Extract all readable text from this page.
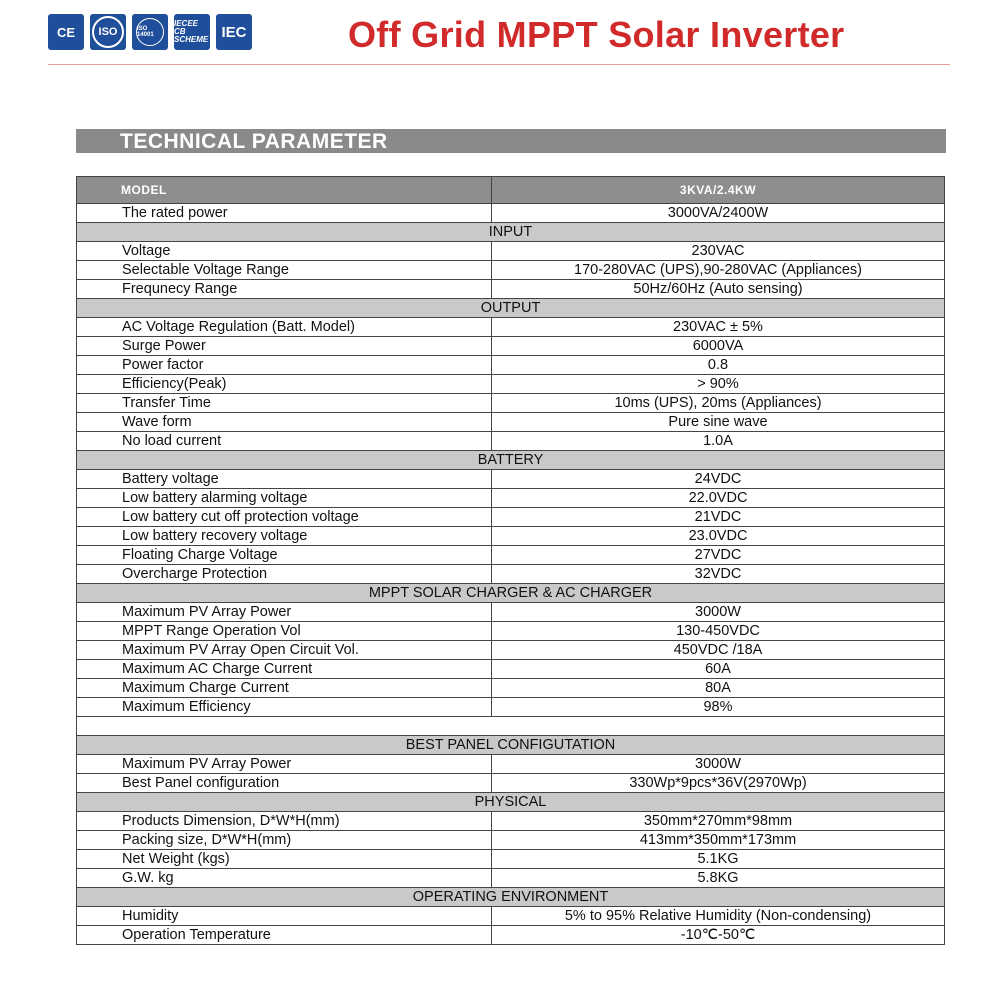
CE ISO	ISO 14001
IECEE CB SCHEME IEC	Off Grid MPPT Solar Inverter
TECHNICAL PARAMETER
MODEL	3KVA/2.4KW
The rated power	3000VA/2400W
INPUT	
Voltage	230VAC
Selectable Voltage Range	170-280VAC (UPS),90-280VAC (Appliances)
Frequnecy Range	50Hz/60Hz (Auto sensing)
OUTPUT	
AC Voltage Regulation (Batt. Model)	230VAC ± 5%
Surge Power	6000VA
Power factor	0.8
Efficiency(Peak)	> 90%
Transfer Time	10ms (UPS), 20ms (Appliances)
Wave form	Pure sine wave
No load current	1.0A
BATTERY	
Battery voltage	24VDC
Low battery alarming voltage	22.0VDC
Low battery cut off protection voltage	21VDC
Low battery recovery voltage	23.0VDC
Floating Charge Voltage	27VDC
Overcharge Protection	32VDC
MPPT SOLAR CHARGER & AC CHARGER	
Maximum PV Array Power	3000W
MPPT Range Operation Vol	130-450VDC
Maximum PV Array Open Circuit Vol.	450VDC /18A
Maximum AC Charge Current	60A
Maximum Charge Current	80A
Maximum Efficiency	98%

BEST PANEL CONFIGUTATION	
Maximum PV Array Power	3000W
Best Panel configuration	330Wp*9pcs*36V(2970Wp)
PHYSICAL	
Products Dimension, D*W*H(mm)	350mm*270mm*98mm
Packing size, D*W*H(mm)	413mm*350mm*173mm
Net Weight (kgs)	5.1KG
G.W. kg	5.8KG
OPERATING ENVIRONMENT	
Humidity	5% to 95% Relative Humidity (Non-condensing)
Operation Temperature	-10℃-50℃
